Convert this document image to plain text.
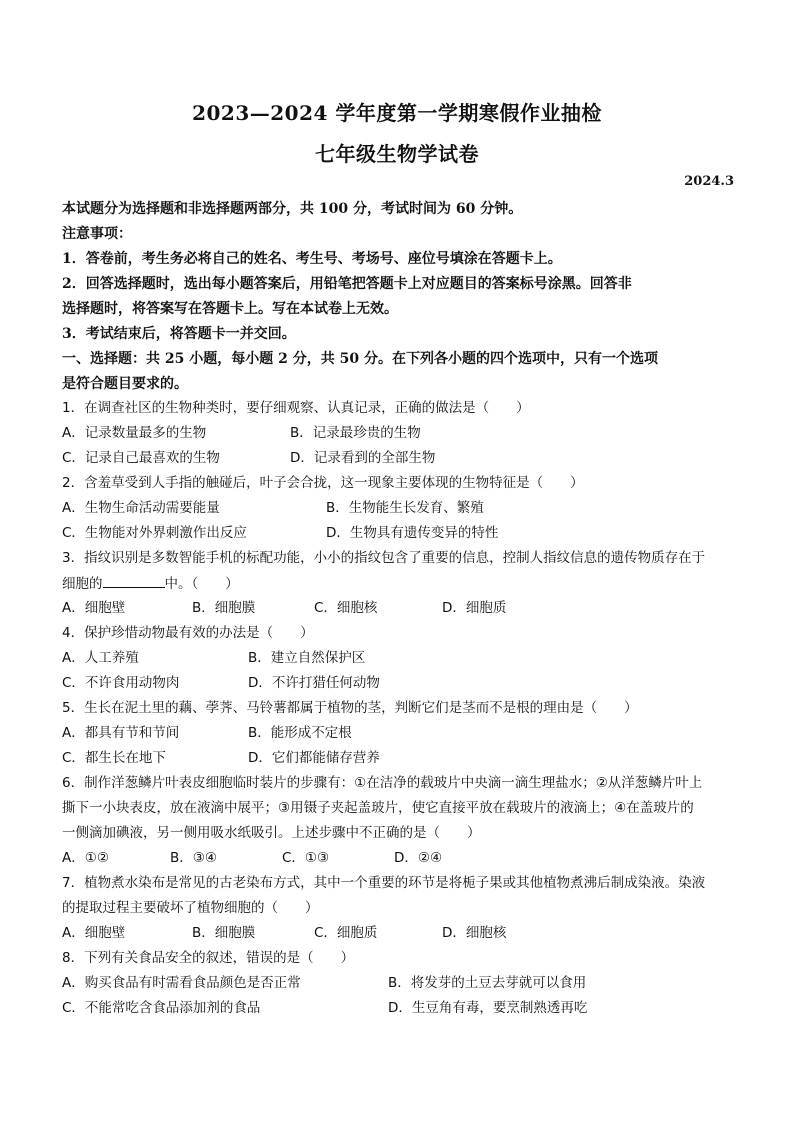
2023—2024 学年度第一学期寒假作业抽检
七年级生物学试卷
2024.3
本试题分为选择题和非选择题两部分，共 100 分，考试时间为 60 分钟。
注意事项：
1．答卷前，考生务必将自己的姓名、考生号、考场号、座位号填涂在答题卡上。
2．回答选择题时，选出每小题答案后，用铅笔把答题卡上对应题目的答案标号涂黑。回答非
选择题时，将答案写在答题卡上。写在本试卷上无效。
3．考试结束后，将答题卡一并交回。
一、选择题：共 25 小题，每小题 2 分，共 50 分。在下列各小题的四个选项中，只有一个选项
是符合题目要求的。
1．在调查社区的生物种类时，要仔细观察、认真记录，正确的做法是（　　）
A．记录数量最多的生物	B．记录最珍贵的生物
C．记录自己最喜欢的生物	D．记录看到的全部生物
2．含羞草受到人手指的触碰后，叶子会合拢，这一现象主要体现的生物特征是（　　）
A．生物生命活动需要能量	B．生物能生长发育、繁殖
C．生物能对外界刺激作出反应	D．生物具有遗传变异的特性
3．指纹识别是多数智能手机的标配功能，小小的指纹包含了重要的信息，控制人指纹信息的遗传物质存在于
细胞的	中。（　　）
A．细胞壁	B．细胞膜	C．细胞核	D．细胞质
4．保护珍惜动物最有效的办法是（　　）
A．人工养殖	B．建立自然保护区
C．不许食用动物肉	D．不许打猎任何动物
5．生长在泥土里的藕、荸荠、马铃薯都属于植物的茎，判断它们是茎而不是根的理由是（　　）
A．都具有节和节间	B．能形成不定根
C．都生长在地下	D．它们都能储存营养
6．制作洋葱鳞片叶表皮细胞临时装片的步骤有：①在洁净的载玻片中央滴一滴生理盐水；②从洋葱鳞片叶上
撕下一小块表皮，放在液滴中展平；③用镊子夹起盖玻片，使它直接平放在载玻片的液滴上；④在盖玻片的
一侧滴加碘液，另一侧用吸水纸吸引。上述步骤中不正确的是（　　）
A．①②	B．③④	C．①③	D．②④
7．植物煮水染布是常见的古老染布方式，其中一个重要的环节是将栀子果或其他植物煮沸后制成染液。染液
的提取过程主要破坏了植物细胞的（　　）
A．细胞壁	B．细胞膜	C．细胞质	D．细胞核
8．下列有关食品安全的叙述，错误的是（　　）
A．购买食品有时需看食品颜色是否正常	B．将发芽的土豆去芽就可以食用
C．不能常吃含食品添加剂的食品	D．生豆角有毒，要烹制熟透再吃
